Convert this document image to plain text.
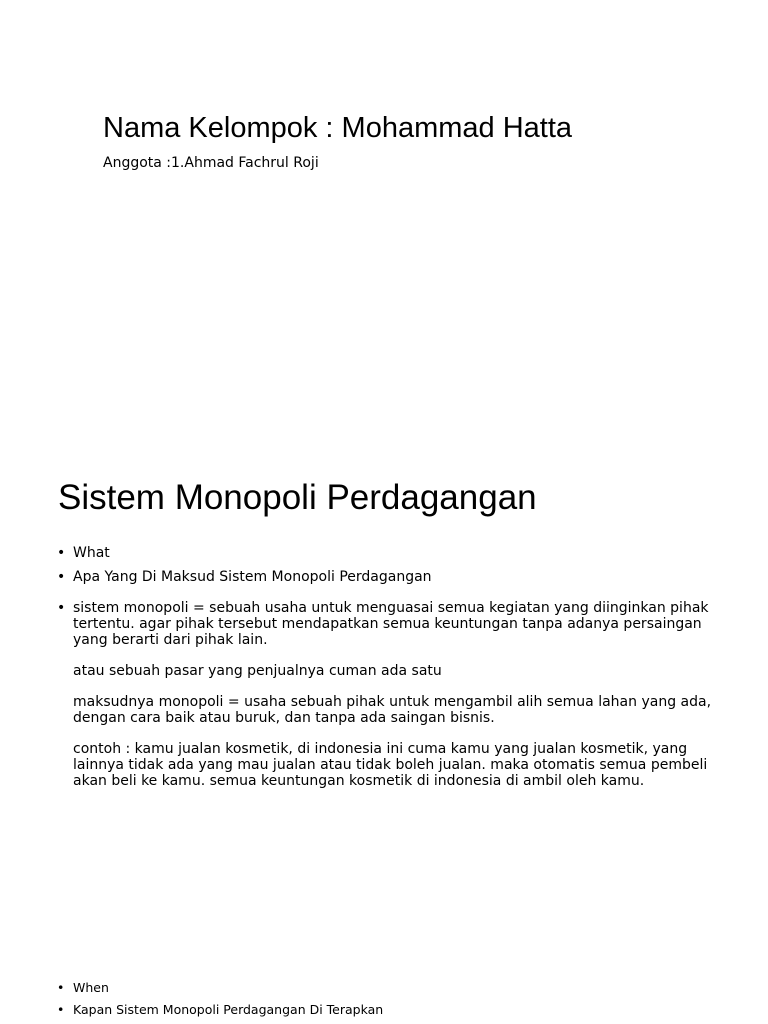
Nama Kelompok : Mohammad Hatta
Anggota :1.Ahmad Fachrul Roji
Sistem Monopoli Perdagangan
• What
• Apa Yang Di Maksud Sistem Monopoli Perdagangan
• sistem monopoli = sebuah usaha untuk menguasai semua kegiatan yang diinginkan pihak tertentu. agar pihak tersebut mendapatkan semua keuntungan tanpa adanya persaingan yang berarti dari pihak lain.
atau sebuah pasar yang penjualnya cuman ada satu
maksudnya monopoli = usaha sebuah pihak untuk mengambil alih semua lahan yang ada, dengan cara baik atau buruk, dan tanpa ada saingan bisnis.
contoh : kamu jualan kosmetik, di indonesia ini cuma kamu yang jualan kosmetik, yang lainnya tidak ada yang mau jualan atau tidak boleh jualan. maka otomatis semua pembeli akan beli ke kamu. semua keuntungan kosmetik di indonesia di ambil oleh kamu.
• When
• Kapan Sistem Monopoli Perdagangan Di Terapkan
